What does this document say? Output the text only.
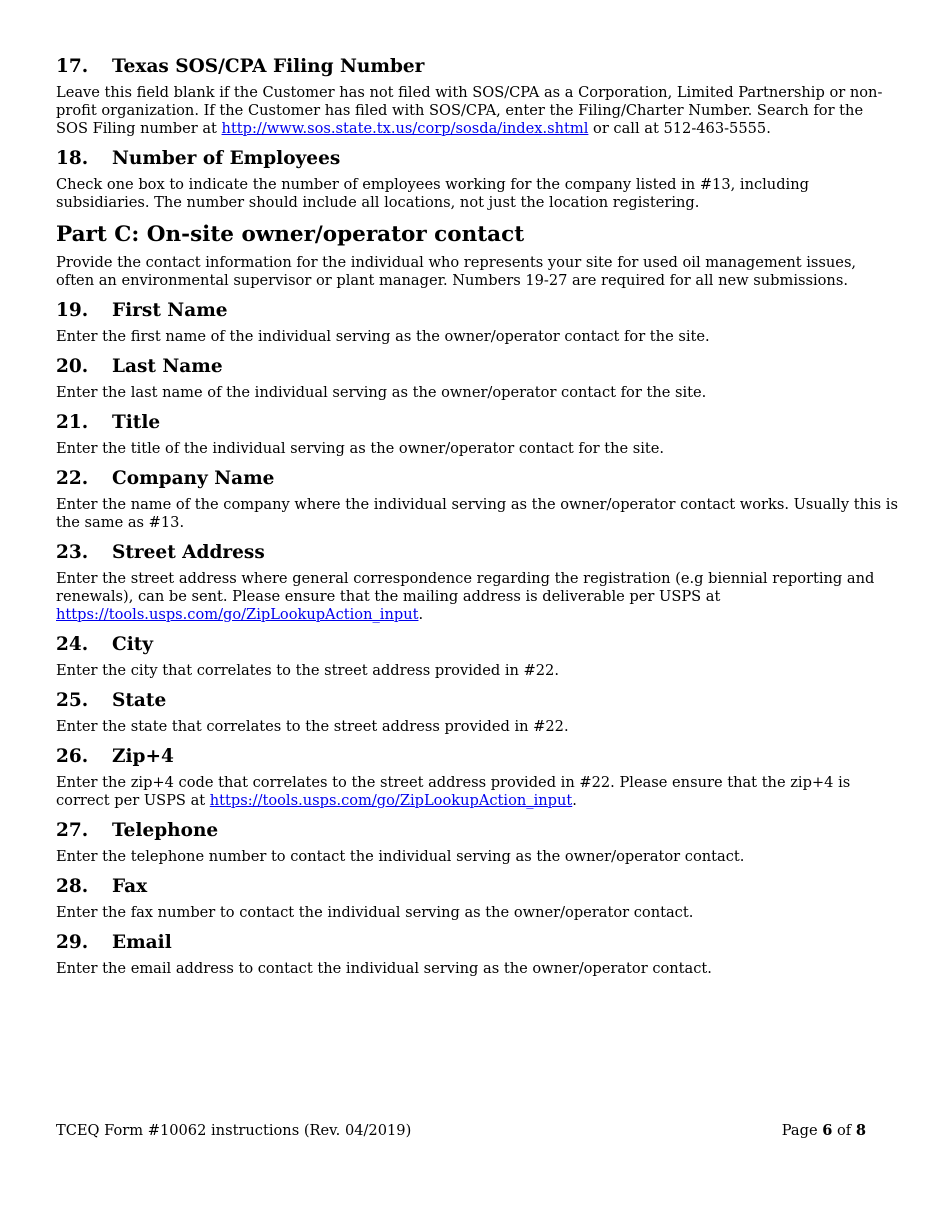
17.	Texas SOS/CPA Filing Number

Leave this field blank if the Customer has not filed with SOS/CPA as a Corporation, Limited Partnership or non-profit organization. If the Customer has filed with SOS/CPA, enter the Filing/Charter Number. Search for the SOS Filing number at http://www.sos.state.tx.us/corp/sosda/index.shtml or call at 512-463-5555.

18.	Number of Employees

Check one box to indicate the number of employees working for the company listed in #13, including subsidiaries. The number should include all locations, not just the location registering.

Part C: On-site owner/operator contact

Provide the contact information for the individual who represents your site for used oil management issues, often an environmental supervisor or plant manager. Numbers 19-27 are required for all new submissions.

19.	First Name

Enter the first name of the individual serving as the owner/operator contact for the site.

20.	Last Name

Enter the last name of the individual serving as the owner/operator contact for the site.

21.	Title

Enter the title of the individual serving as the owner/operator contact for the site.

22.	Company Name

Enter the name of the company where the individual serving as the owner/operator contact works. Usually this is the same as #13.

23.	Street Address

Enter the street address where general correspondence regarding the registration (e.g biennial reporting and renewals), can be sent. Please ensure that the mailing address is deliverable per USPS at https://tools.usps.com/go/ZipLookupAction_input.

24.	City

Enter the city that correlates to the street address provided in #22.

25.	State

Enter the state that correlates to the street address provided in #22.

26.	Zip+4

Enter the zip+4 code that correlates to the street address provided in #22. Please ensure that the zip+4 is correct per USPS at https://tools.usps.com/go/ZipLookupAction_input.

27.	Telephone

Enter the telephone number to contact the individual serving as the owner/operator contact.

28.	Fax

Enter the fax number to contact the individual serving as the owner/operator contact.

29.	Email

Enter the email address to contact the individual serving as the owner/operator contact.

TCEQ Form #10062 instructions (Rev. 04/2019)	Page 6 of 8
